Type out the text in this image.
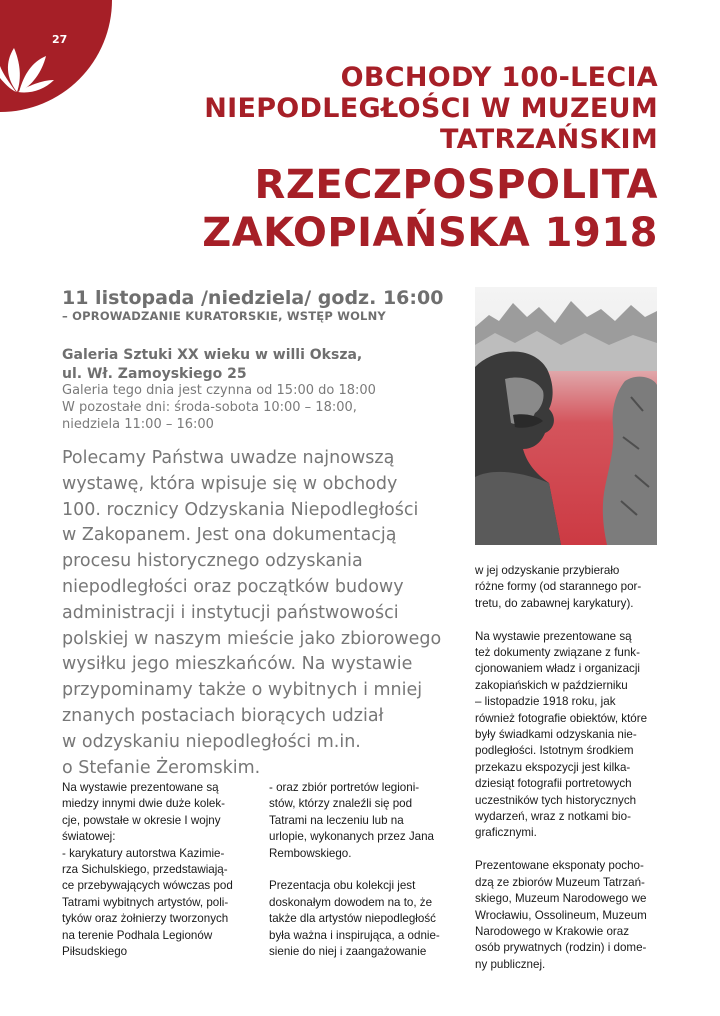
27
OBCHODY 100-LECIA
NIEPODLEGŁOŚCI W MUZEUM
TATRZAŃSKIM
RZECZPOSPOLITA
ZAKOPIAŃSKA 1918
11 listopada /niedziela/ godz. 16:00
– OPROWADZANIE KURATORSKIE, WSTĘP WOLNY
Galeria Sztuki XX wieku w willi Oksza,
ul. Wł. Zamoyskiego 25
Galeria tego dnia jest czynna od 15:00 do 18:00
W pozostałe dni: środa-sobota 10:00 – 18:00,
niedziela 11:00 – 16:00
Polecamy Państwa uwadze najnowszą
wystawę, która wpisuje się w obchody
100. rocznicy Odzyskania Niepodległości
w Zakopanem. Jest ona dokumentacją
procesu historycznego odzyskania
niepodległości oraz początków budowy
administracji i instytucji państwowości
polskiej w naszym mieście jako zbiorowego
wysiłku jego mieszkańców. Na wystawie
przypominamy także o wybitnych i mniej
znanych postaciach biorących udział
w odzyskaniu niepodległości m.in.
o Stefanie Żeromskim.
Na wystawie prezentowane są
miedzy innymi dwie duże kolek-
cje, powstałe w okresie I wojny
światowej:
- karykatury autorstwa Kazimie-
rza Sichulskiego, przedstawiają-
ce przebywających wówczas pod
Tatrami wybitnych artystów, poli-
tyków oraz żołnierzy tworzonych
na terenie Podhala Legionów
Piłsudskiego
- oraz zbiór portretów legioni-
stów, którzy znaleźli się pod
Tatrami na leczeniu lub na
urlopie, wykonanych przez Jana
Rembowskiego.
Prezentacja obu kolekcji jest
doskonałym dowodem na to, że
także dla artystów niepodległość
była ważna i inspirująca, a odnie-
sienie do niej i zaangażowanie
w jej odzyskanie przybierało
różne formy (od starannego por-
tretu, do zabawnej karykatury).
Na wystawie prezentowane są
też dokumenty związane z funk-
cjonowaniem władz i organizacji
zakopiańskich w październiku
– listopadzie 1918 roku, jak
również fotografie obiektów, które
były świadkami odzyskania nie-
podległości. Istotnym środkiem
przekazu ekspozycji jest kilka-
dziesiąt fotografii portretowych
uczestników tych historycznych
wydarzeń, wraz z notkami bio-
graficznymi.
Prezentowane eksponaty pocho-
dzą ze zbiorów Muzeum Tatrzań-
skiego, Muzeum Narodowego we
Wrocławiu, Ossolineum, Muzeum
Narodowego w Krakowie oraz
osób prywatnych (rodzin) i dome-
ny publicznej.
